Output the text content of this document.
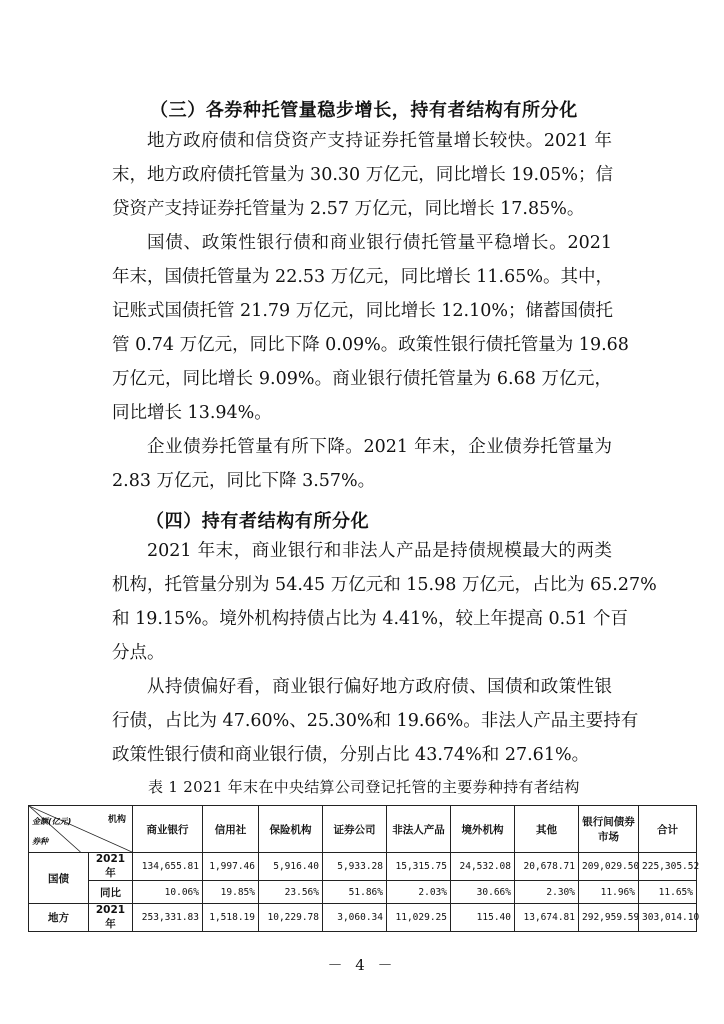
（三）各券种托管量稳步增长，持有者结构有所分化
地方政府债和信贷资产支持证券托管量增长较快。2021 年
末，地方政府债托管量为 30.30 万亿元，同比增长 19.05%；信
贷资产支持证券托管量为 2.57 万亿元，同比增长 17.85%。
国债、政策性银行债和商业银行债托管量平稳增长。2021
年末，国债托管量为 22.53 万亿元，同比增长 11.65%。其中，
记账式国债托管 21.79 万亿元，同比增长 12.10%；储蓄国债托
管 0.74 万亿元，同比下降 0.09%。政策性银行债托管量为 19.68
万亿元，同比增长 9.09%。商业银行债托管量为 6.68 万亿元，
同比增长 13.94%。
企业债券托管量有所下降。2021 年末，企业债券托管量为
2.83 万亿元，同比下降 3.57%。
（四）持有者结构有所分化
2021 年末，商业银行和非法人产品是持债规模最大的两类
机构，托管量分别为 54.45 万亿元和 15.98 万亿元，占比为 65.27%
和 19.15%。境外机构持债占比为 4.41%，较上年提高 0.51 个百
分点。
从持债偏好看，商业银行偏好地方政府债、国债和政策性银
行债，占比为 47.60%、25.30%和 19.66%。非法人产品主要持有
政策性银行债和商业银行债，分别占比 43.74%和 27.61%。
表 1 2021 年末在中央结算公司登记托管的主要券种持有者结构
机构
金额(亿元)
券种		商业银行	信用社	保险机构	证券公司	非法人产品	境外机构	其他	银行间债券市场	合计
国债	2021 年	134,655.81	1,997.46	5,916.40	5,933.28	15,315.75	24,532.08	20,678.71	209,029.50	225,305.52
	同比	10.06%	19.85%	23.56%	51.86%	2.03%	30.66%	2.30%	11.96%	11.65%
地方	2021 年	253,331.83	1,518.19	10,229.78	3,060.34	11,029.25	115.40	13,674.81	292,959.59	303,014.10
－ 4 －
